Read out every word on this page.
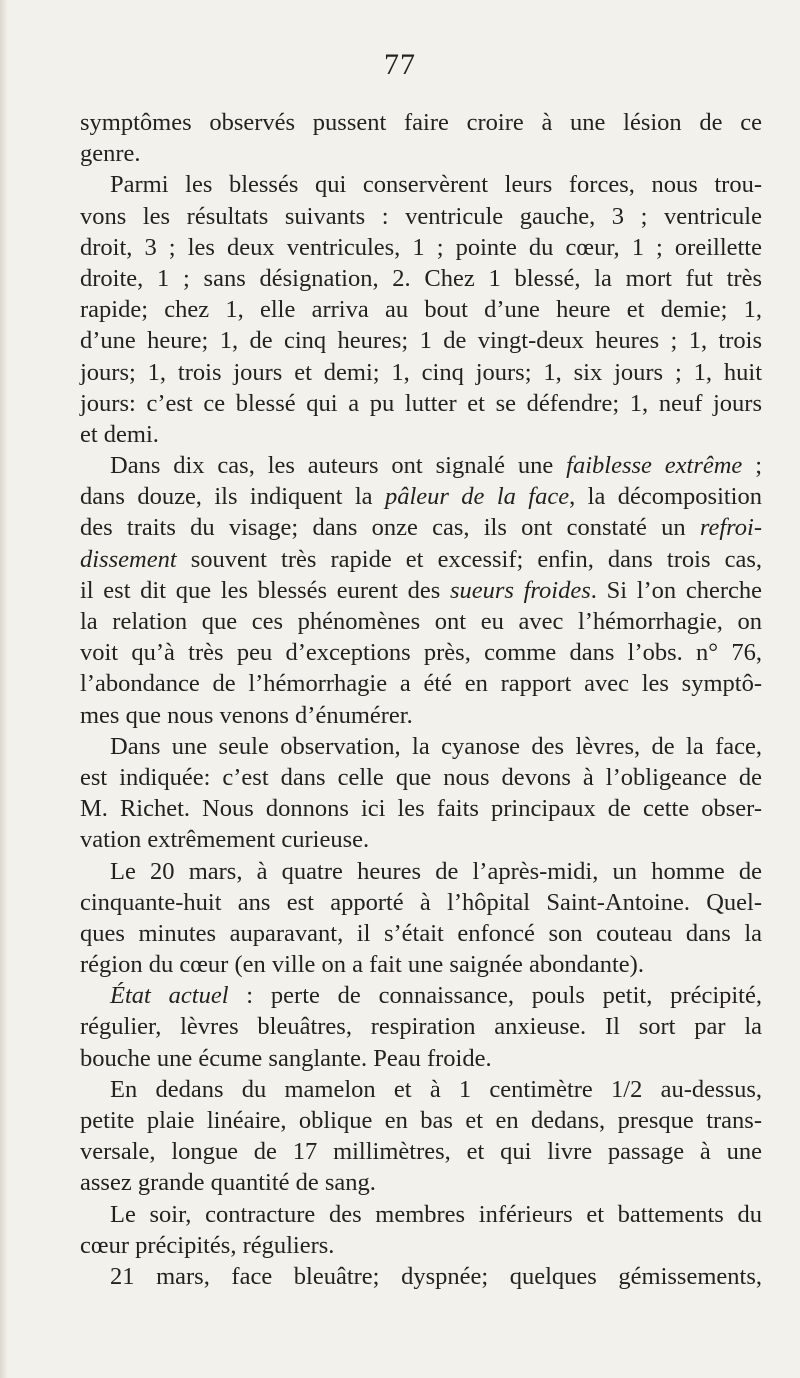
77
symptômes observés pussent faire croire à une lésion de ce
genre.
Parmi les blessés qui conservèrent leurs forces, nous trou-
vons les résultats suivants : ventricule gauche, 3 ; ventricule
droit, 3 ; les deux ventricules, 1 ; pointe du cœur, 1 ; oreillette
droite, 1 ; sans désignation, 2. Chez 1 blessé, la mort fut très
rapide; chez 1, elle arriva au bout d’une heure et demie; 1,
d’une heure; 1, de cinq heures; 1 de vingt-deux heures ; 1, trois
jours; 1, trois jours et demi; 1, cinq jours; 1, six jours ; 1, huit
jours: c’est ce blessé qui a pu lutter et se défendre; 1, neuf jours
et demi.
Dans dix cas, les auteurs ont signalé une faiblesse extrême ;
dans douze, ils indiquent la pâleur de la face, la décomposition
des traits du visage; dans onze cas, ils ont constaté un refroi-
dissement souvent très rapide et excessif; enfin, dans trois cas,
il est dit que les blessés eurent des sueurs froides. Si l’on cherche
la relation que ces phénomènes ont eu avec l’hémorrhagie, on
voit qu’à très peu d’exceptions près, comme dans l’obs. n° 76,
l’abondance de l’hémorrhagie a été en rapport avec les symptô-
mes que nous venons d’énumérer.
Dans une seule observation, la cyanose des lèvres, de la face,
est indiquée: c’est dans celle que nous devons à l’obligeance de
M. Richet. Nous donnons ici les faits principaux de cette obser-
vation extrêmement curieuse.
Le 20 mars, à quatre heures de l’après-midi, un homme de
cinquante-huit ans est apporté à l’hôpital Saint-Antoine. Quel-
ques minutes auparavant, il s’était enfoncé son couteau dans la
région du cœur (en ville on a fait une saignée abondante).
État actuel : perte de connaissance, pouls petit, précipité,
régulier, lèvres bleuâtres, respiration anxieuse. Il sort par la
bouche une écume sanglante. Peau froide.
En dedans du mamelon et à 1 centimètre 1/2 au-dessus,
petite plaie linéaire, oblique en bas et en dedans, presque trans-
versale, longue de 17 millimètres, et qui livre passage à une
assez grande quantité de sang.
Le soir, contracture des membres inférieurs et battements du
cœur précipités, réguliers.
21 mars, face bleuâtre; dyspnée; quelques gémissements,
